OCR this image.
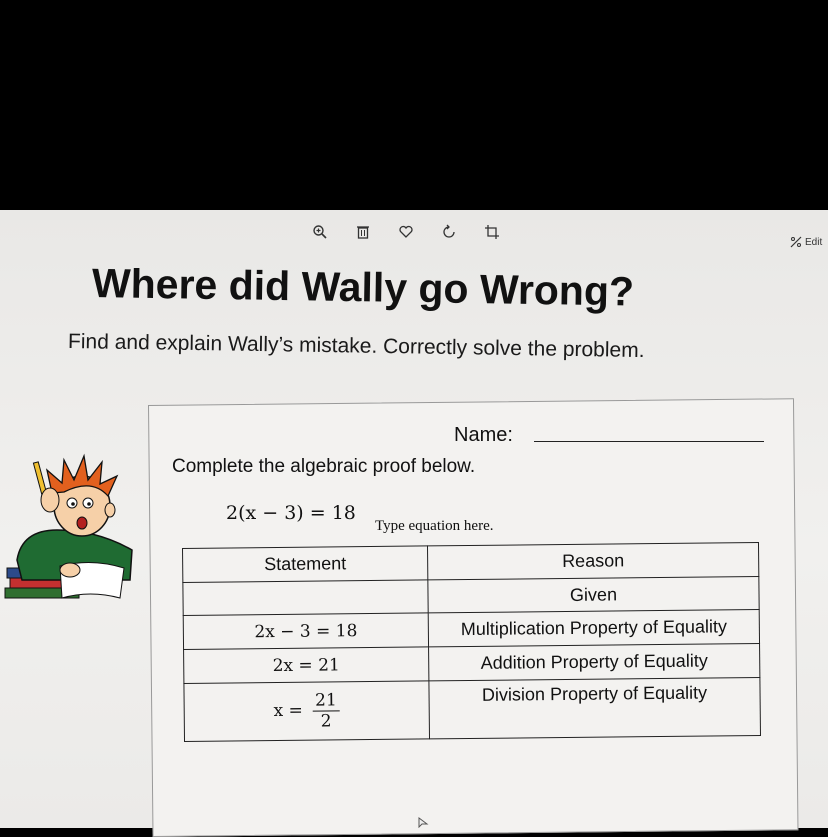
Edit
Where did Wally go Wrong?
Find and explain Wally’s mistake. Correctly solve the problem.
Name:
Complete the algebraic proof below.
2(x − 3) = 18
Type equation here.
Statement	Reason
	Given
2x − 3 = 18	Multiplication Property of Equality
2x = 21	Addition Property of Equality
$x = \frac{21}{2}$	Division Property of Equality
